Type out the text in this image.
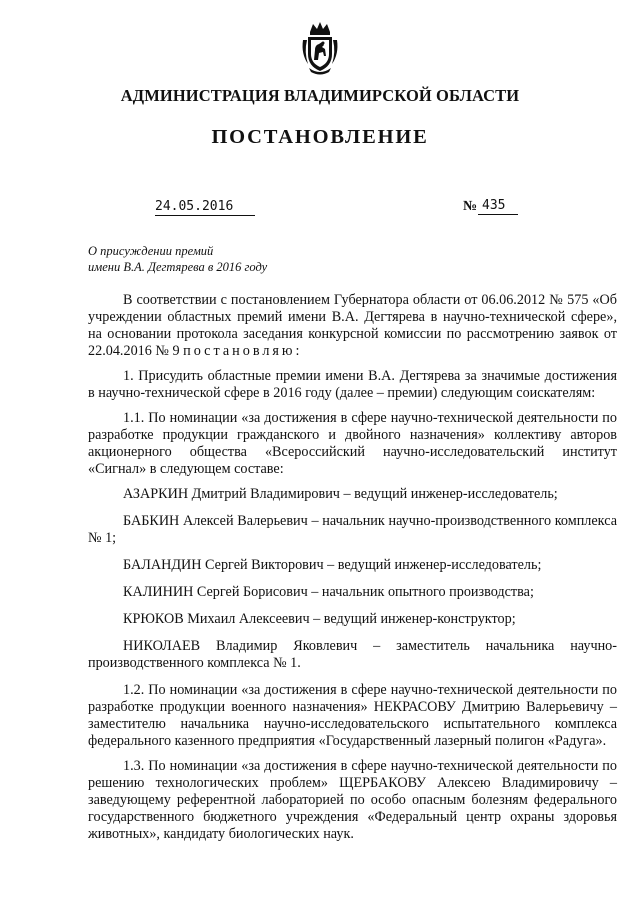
АДМИНИСТРАЦИЯ ВЛАДИМИРСКОЙ ОБЛАСТИ
ПОСТАНОВЛЕНИЕ
24.05.2016	№ 435
О присуждении премий
имени В.А. Дегтярева в 2016 году

В соответствии с постановлением Губернатора области от 06.06.2012 № 575 «Об учреждении областных премий имени В.А. Дегтярева в научно-технической сфере», на основании протокола заседания конкурсной комиссии по рассмотрению заявок от 22.04.2016 № 9 постановляю:

1. Присудить областные премии имени В.А. Дегтярева за значимые достижения в научно-технической сфере в 2016 году (далее – премии) следующим соискателям:

1.1. По номинации «за достижения в сфере научно-технической деятельности по разработке продукции гражданского и двойного назначения» коллективу авторов акционерного общества «Всероссийский научно-исследовательский институт «Сигнал» в следующем составе:

АЗАРКИН Дмитрий Владимирович – ведущий инженер-исследователь;

БАБКИН Алексей Валерьевич – начальник научно-производственного комплекса № 1;

БАЛАНДИН Сергей Викторович – ведущий инженер-исследователь;

КАЛИНИН Сергей Борисович – начальник опытного производства;

КРЮКОВ Михаил Алексеевич – ведущий инженер-конструктор;

НИКОЛАЕВ Владимир Яковлевич – заместитель начальника научно-производственного комплекса № 1.

1.2. По номинации «за достижения в сфере научно-технической деятельности по разработке продукции военного назначения» НЕКРАСОВУ Дмитрию Валерьевичу – заместителю начальника научно-исследовательского испытательного комплекса федерального казенного предприятия «Государственный лазерный полигон «Радуга».

1.3. По номинации «за достижения в сфере научно-технической деятельности по решению технологических проблем» ЩЕРБАКОВУ Алексею Владимировичу – заведующему референтной лабораторией по особо опасным болезням федерального государственного бюджетного учреждения «Федеральный центр охраны здоровья животных», кандидату биологических наук.
